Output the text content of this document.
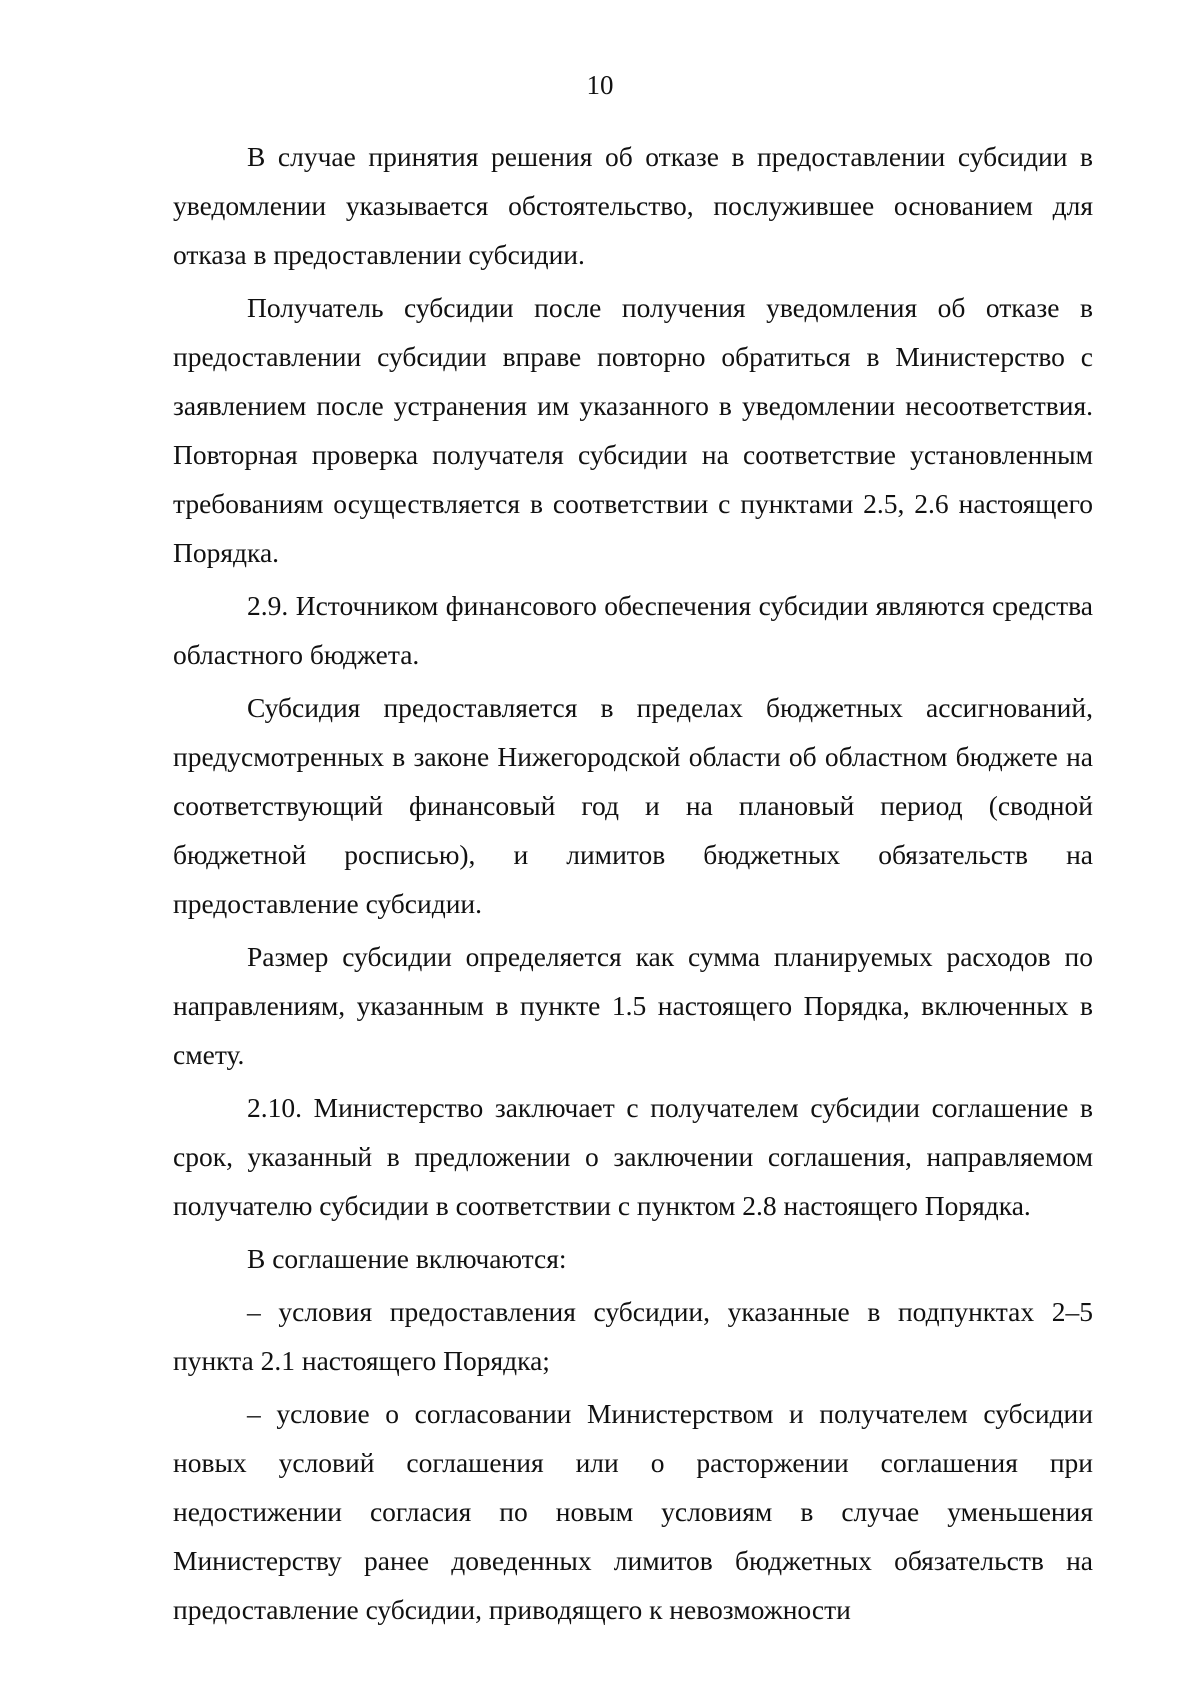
10

В случае принятия решения об отказе в предоставлении субсидии в уведомлении указывается обстоятельство, послужившее основанием для отказа в предоставлении субсидии.

Получатель субсидии после получения уведомления об отказе в предоставлении субсидии вправе повторно обратиться в Министерство с заявлением после устранения им указанного в уведомлении несоответствия. Повторная проверка получателя субсидии на соответствие установленным требованиям осуществляется в соответствии с пунктами 2.5, 2.6 настоящего Порядка.

2.9. Источником финансового обеспечения субсидии являются средства областного бюджета.

Субсидия предоставляется в пределах бюджетных ассигнований, предусмотренных в законе Нижегородской области об областном бюджете на соответствующий финансовый год и на плановый период (сводной бюджетной росписью), и лимитов бюджетных обязательств на предоставление субсидии.

Размер субсидии определяется как сумма планируемых расходов по направлениям, указанным в пункте 1.5 настоящего Порядка, включенных в смету.

2.10. Министерство заключает с получателем субсидии соглашение в срок, указанный в предложении о заключении соглашения, направляемом получателю субсидии в соответствии с пунктом 2.8 настоящего Порядка.

В соглашение включаются:

– условия предоставления субсидии, указанные в подпунктах 2–5 пункта 2.1 настоящего Порядка;

– условие о согласовании Министерством и получателем субсидии новых условий соглашения или о расторжении соглашения при недостижении согласия по новым условиям в случае уменьшения Министерству ранее доведенных лимитов бюджетных обязательств на предоставление субсидии, приводящего к невозможности
